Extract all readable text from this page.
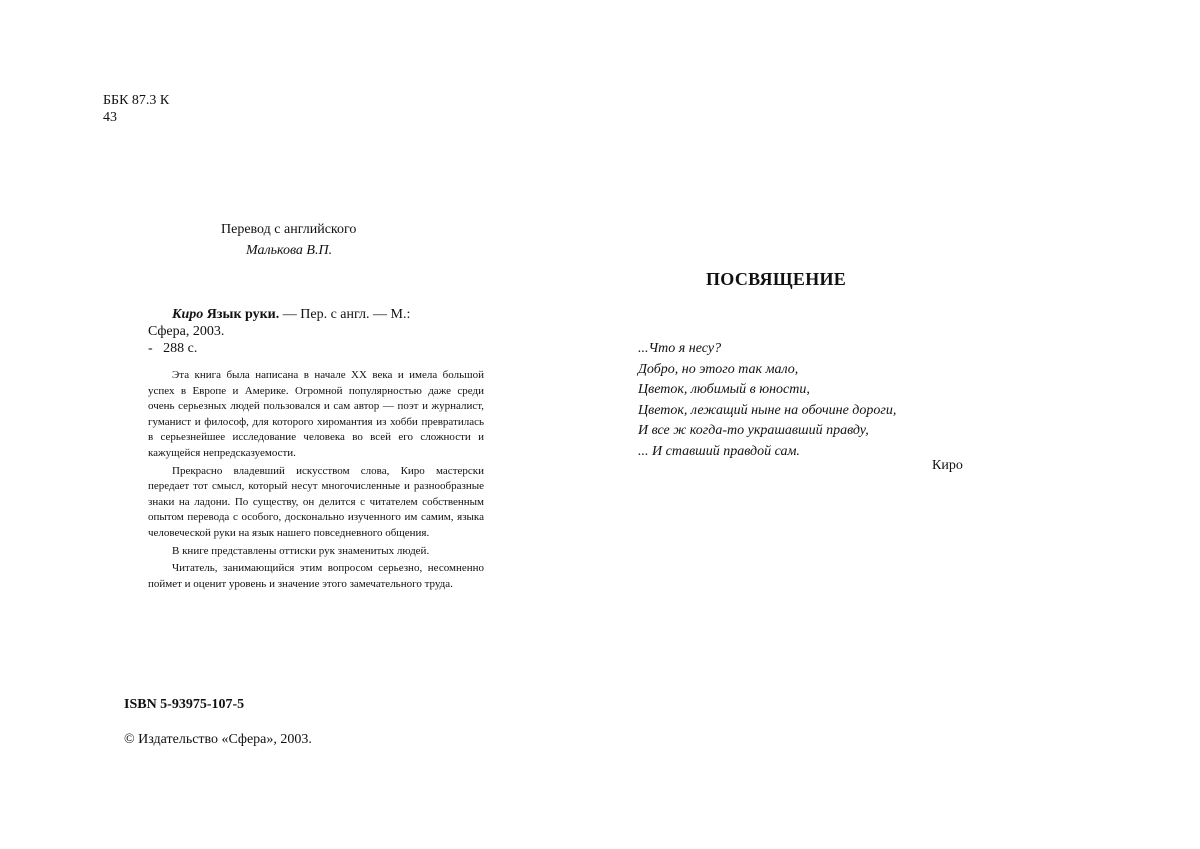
ББК 87.3 К
43
Перевод с английского
Малькова В.П.
Киро Язык руки. — Пер. с англ. — М.:
Сфера, 2003.
-   288 с.

Эта книга была написана в начале XX века и имела большой успех в Европе и Америке. Огромной популярностью даже среди очень серьезных людей пользовался и сам автор — поэт и журналист, гуманист и философ, для которого хиромантия из хобби превратилась в серьезнейшее исследование человека во всей его сложности и кажущейся непредсказуемости.

Прекрасно владевший искусством слова, Киро мастерски передает тот смысл, который несут многочисленные и разнообразные знаки на ладони. По существу, он делится с читателем собственным опытом перевода с особого, досконально изученного им самим, языка человеческой руки на язык нашего повседневного общения.

В книге представлены оттиски рук знаменитых людей.

Читатель, занимающийся этим вопросом серьезно, несомненно поймет и оценит уровень и значение этого замечательного труда.

ISBN 5-93975-107-5
© Издательство «Сфера», 2003.
ПОСВЯЩЕНИЕ
...Что я несу?
Добро, но этого так мало,
Цветок, любимый в юности,
Цветок, лежащий ныне на обочине дороги,
И все ж когда-то украшавший правду,
... И ставший правдой сам.
Киро
